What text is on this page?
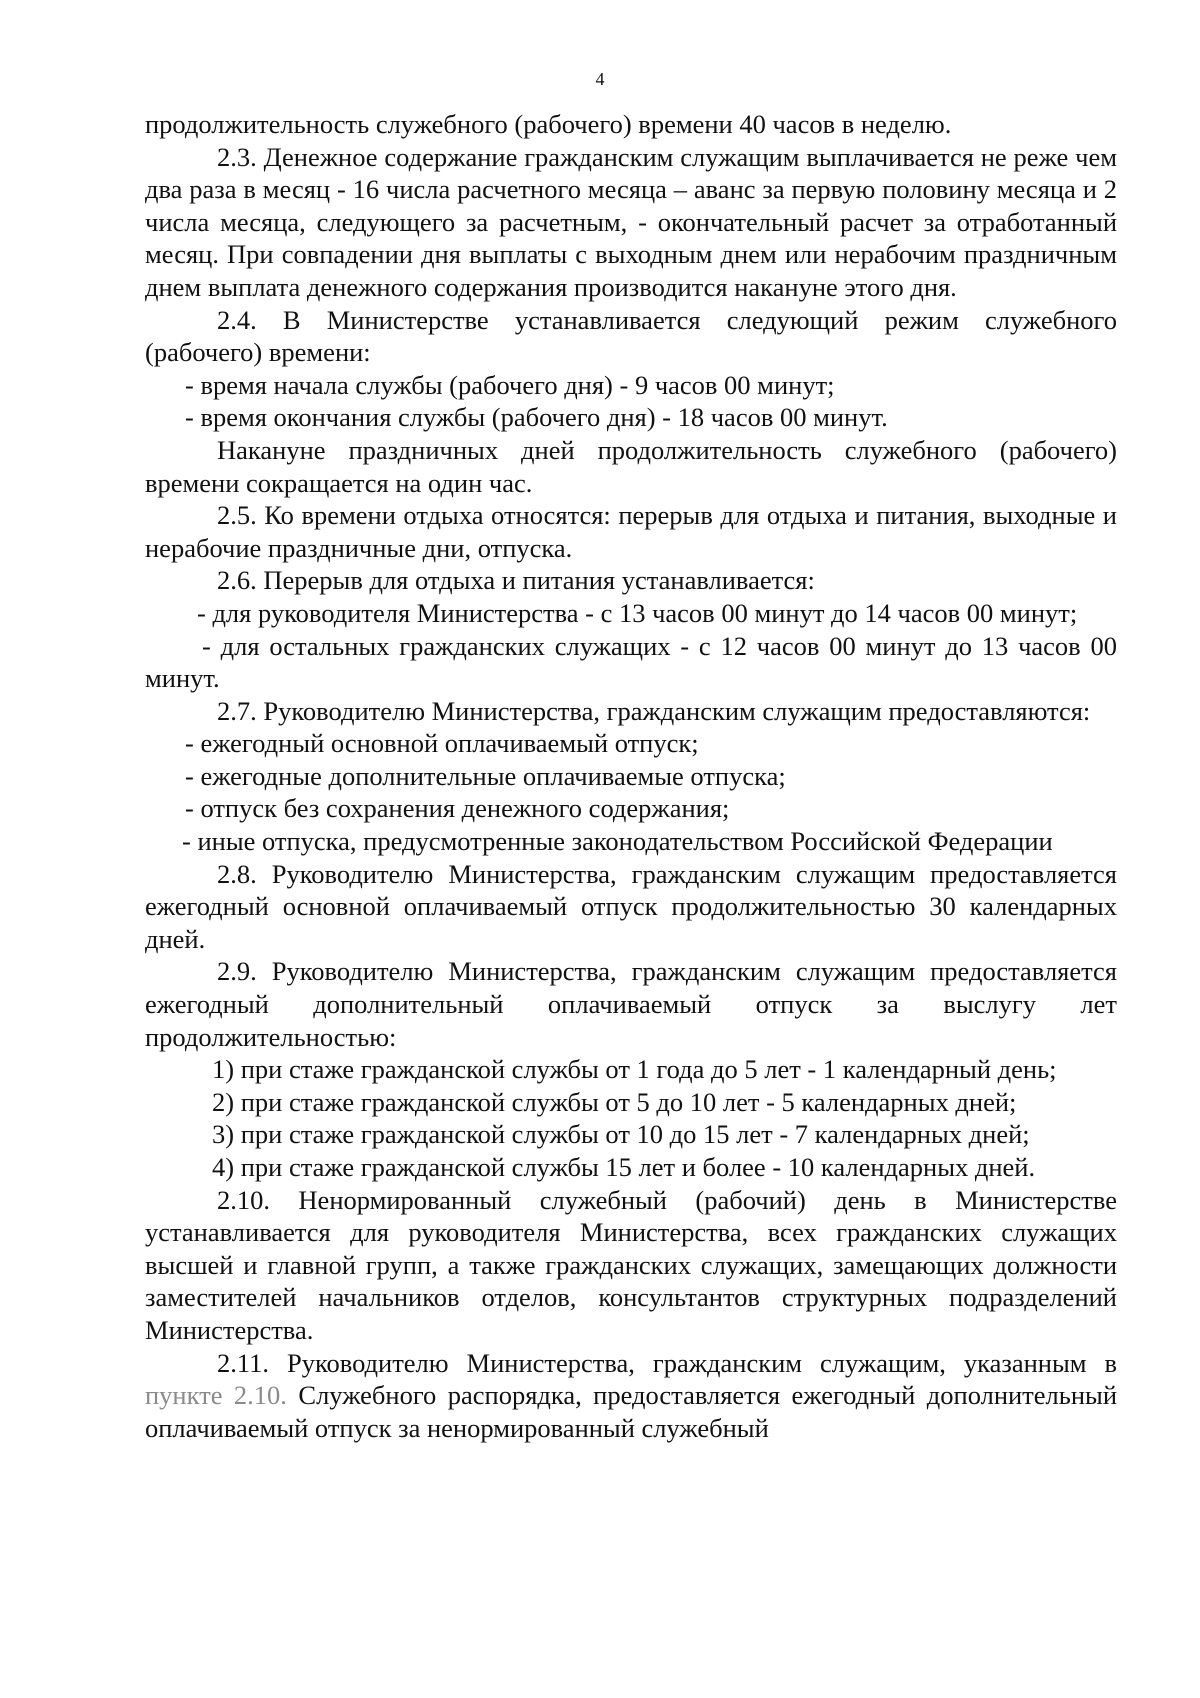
4

продолжительность служебного (рабочего) времени 40 часов в неделю.

2.3. Денежное содержание гражданским служащим выплачивается не реже чем два раза в месяц - 16 числа расчетного месяца – аванс за первую половину месяца и 2 числа месяца, следующего за расчетным, - окончательный расчет за отработанный месяц. При совпадении дня выплаты с выходным днем или нерабочим праздничным днем выплата денежного содержания производится накануне этого дня.

2.4. В Министерстве устанавливается следующий режим служебного (рабочего) времени:

- время начала службы (рабочего дня) - 9 часов 00 минут;

- время окончания службы (рабочего дня) - 18 часов 00 минут.

Накануне праздничных дней продолжительность служебного (рабочего) времени сокращается на один час.

2.5. Ко времени отдыха относятся: перерыв для отдыха и питания, выходные и нерабочие праздничные дни, отпуска.

2.6. Перерыв для отдыха и питания устанавливается:

- для руководителя Министерства - с 13 часов 00 минут до 14 часов 00 минут;

- для остальных гражданских служащих - с 12 часов 00 минут до 13 часов 00 минут.

2.7. Руководителю Министерства, гражданским служащим предоставляются:

- ежегодный основной оплачиваемый отпуск;

- ежегодные дополнительные оплачиваемые отпуска;

- отпуск без сохранения денежного содержания;

- иные отпуска, предусмотренные законодательством Российской Федерации

2.8. Руководителю Министерства, гражданским служащим предоставляется ежегодный основной оплачиваемый отпуск продолжительностью 30 календарных дней.

2.9. Руководителю Министерства, гражданским служащим предоставляется ежегодный дополнительный оплачиваемый отпуск за выслугу лет продолжительностью:

1) при стаже гражданской службы от 1 года до 5 лет - 1 календарный день;

2) при стаже гражданской службы от 5 до 10 лет - 5 календарных дней;

3) при стаже гражданской службы от 10 до 15 лет - 7 календарных дней;

4) при стаже гражданской службы 15 лет и более - 10 календарных дней.

2.10. Ненормированный служебный (рабочий) день в Министерстве устанавливается для руководителя Министерства, всех гражданских служащих высшей и главной групп, а также гражданских служащих, замещающих должности заместителей начальников отделов, консультантов структурных подразделений Министерства.

2.11. Руководителю Министерства, гражданским служащим, указанным в пункте 2.10. Служебного распорядка, предоставляется ежегодный дополнительный оплачиваемый отпуск за ненормированный служебный
